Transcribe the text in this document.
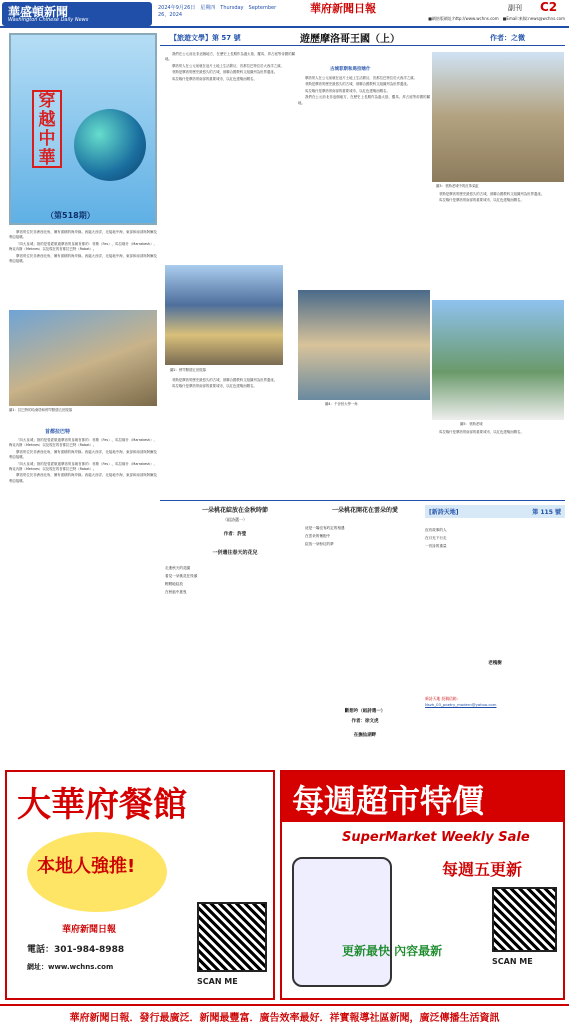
華盛頓新聞
Washington Chinese Daily News
2024年9月26日　星期四　Thursday　September 26，2024	華府新聞日報	副刊 C2
■網絡版網址:http://www.wchns.com　■Email:來稿:news@wchns.com
穿越中華
（第518期）

摩洛哥位於非洲西北角，擁有面積的海岸線。西臨大西洋，北接地中海，東部和南部與阿爾及利亞接壤。

「四大皇城」指的是曾經做過摩洛哥皇朝首都的：菲斯（Fes）、馬拉喀什（Marrakesh）、梅克內斯（Meknes）以及現在的首都拉巴特（Rabat）。

摩洛哥位於非洲西北角，擁有面積的海岸線。西臨大西洋，北接地中海，東部和南部與阿爾及利亞接壤。

圖1：拉巴特的哈桑塔和穆罕默德五世陵墓
首都拉巴特

「四大皇城」指的是曾經做過摩洛哥皇朝首都的：菲斯（Fes）、馬拉喀什（Marrakesh）、梅克內斯（Meknes）以及現在的首都拉巴特（Rabat）。

摩洛哥位於非洲西北角，擁有面積的海岸線。西臨大西洋，北接地中海，東部和南部與阿爾及利亞接壤。

「四大皇城」指的是曾經做過摩洛哥皇朝首都的：菲斯（Fes）、馬拉喀什（Marrakesh）、梅克內斯（Meknes）以及現在的首都拉巴特（Rabat）。

摩洛哥位於非洲西北角，擁有面積的海岸線。西臨大西洋，北接地中海，東部和南部與阿爾及利亞接壤。

【旅遊文學】第 57 號	遊歷摩洛哥王國（上）	作者：之微

我們在公元前北非這個地方，在歷史上長期作為迦太基、羅馬、拜占庭等帝國的屬地。

摩洛哥人在公元前就在這片土地上生活繁衍，首都拉巴特位於大西洋之濱。

菲斯是摩洛哥歷史最悠久的古城，被聯合國教科文組織列為世界遺產。

馬拉喀什是摩洛哥南部的重要城市，以紅色建築而聞名。

圖2：穆罕默德五世陵墓

菲斯是摩洛哥歷史最悠久的古城，被聯合國教科文組織列為世界遺產。

馬拉喀什是摩洛哥南部的重要城市，以紅色建築而聞名。

古城菲斯和馬拉喀什

摩洛哥人在公元前就在這片土地上生活繁衍，首都拉巴特位於大西洋之濱。

菲斯是摩洛哥歷史最悠久的古城，被聯合國教科文組織列為世界遺產。

馬拉喀什是摩洛哥南部的重要城市，以紅色建築而聞名。

我們在公元前北非這個地方，在歷史上長期作為迦太基、羅馬、拜占庭等帝國的屬地。

圖3：菲斯老城中的皮革染缸

菲斯是摩洛哥歷史最悠久的古城，被聯合國教科文組織列為世界遺產。

馬拉喀什是摩洛哥南部的重要城市，以紅色建築而聞名。

圖4：千舍回大學一角
圖5：菲斯老城

馬拉喀什是摩洛哥南部的重要城市，以紅色建築而聞名。

一朵桃花綻放在金秋時節
（組詩選一）
作者：許瑩
一併遺往春天的花兒
走進秋天的花園
看見一朵桃花在枝頭
輕輕地綻放
在秋風中搖曳
一朵桃花開花在雲朵的愛
這是一場沒有約定的相遇
在雲朵的懷抱中
綻放一朵粉紅的夢
斷想吟（組詩選一）
作者：徐文虎
在撫仙湖畔
[新詩天地]	第 115 號
沒有故事的人
在月光下行走
一首詩的重量
老槐樹
新詩天地 投稿信箱:
Nszh_03_poetry_modern@yahoo.com
大華府餐館
本地人強推!
華府新聞日報
電話：301-984-8988
網址：www.wchns.com
SCAN ME
每週超市特價
SuperMarket Weekly Sale
每週五更新
更新最快 內容最新
SCAN ME
華府新聞日報．發行最廣泛．新聞最豐富．廣告效率最好．祥實報導社區新聞，廣泛傳播生活資訊
